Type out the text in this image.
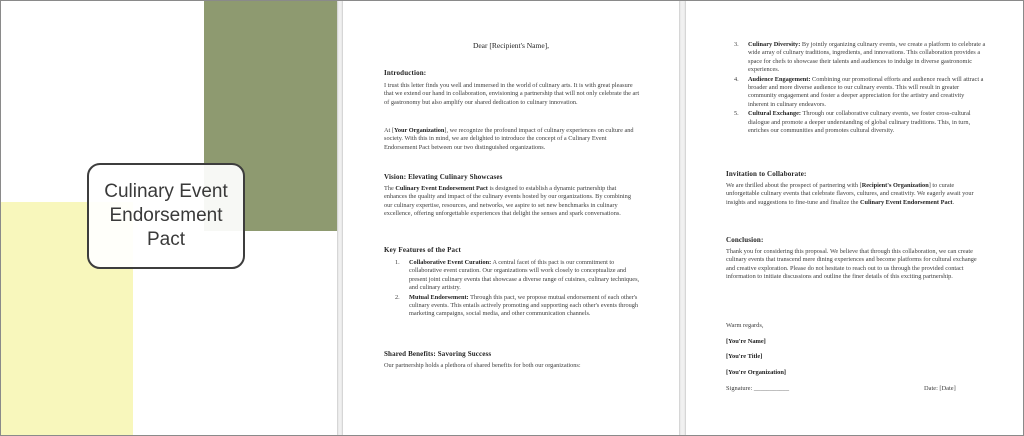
Culinary Event
Endorsement
Pact
Dear [Recipient's Name],
Introduction:

I trust this letter finds you well and immersed in the world of culinary arts. It is with great pleasure that we extend our hand in collaboration, envisioning a partnership that will not only celebrate the art of gastronomy but also amplify our shared dedication to culinary innovation.

At [Your Organization], we recognize the profound impact of culinary experiences on culture and society. With this in mind, we are delighted to introduce the concept of a Culinary Event Endorsement Pact between our two distinguished organizations.

Vision: Elevating Culinary Showcases

The Culinary Event Endorsement Pact is designed to establish a dynamic partnership that enhances the quality and impact of the culinary events hosted by our organizations. By combining our culinary expertise, resources, and networks, we aspire to set new benchmarks in culinary excellence, offering unforgettable experiences that delight the senses and spark conversations.

Key Features of the Pact
1. Collaborative Event Curation: A central facet of this pact is our commitment to collaborative event curation. Our organizations will work closely to conceptualize and present joint culinary events that showcase a diverse range of cuisines, culinary techniques, and culinary artistry.
2. Mutual Endorsement: Through this pact, we propose mutual endorsement of each other's culinary events. This entails actively promoting and supporting each other's events through marketing campaigns, social media, and other communication channels.
Shared Benefits: Savoring Success

Our partnership holds a plethora of shared benefits for both our organizations:

3. Culinary Diversity: By jointly organizing culinary events, we create a platform to celebrate a wide array of culinary traditions, ingredients, and innovations. This collaboration provides a space for chefs to showcase their talents and audiences to indulge in diverse gastronomic experiences.
4. Audience Engagement: Combining our promotional efforts and audience reach will attract a broader and more diverse audience to our culinary events. This will result in greater community engagement and foster a deeper appreciation for the artistry and creativity inherent in culinary endeavors.
5. Cultural Exchange: Through our collaborative culinary events, we foster cross-cultural dialogue and promote a deeper understanding of global culinary traditions. This, in turn, enriches our communities and promotes cultural diversity.
Invitation to Collaborate:

We are thrilled about the prospect of partnering with [Recipient's Organization] to curate unforgettable culinary events that celebrate flavors, cultures, and creativity. We eagerly await your insights and suggestions to fine-tune and finalize the Culinary Event Endorsement Pact.

Conclusion:

Thank you for considering this proposal. We believe that through this collaboration, we can create culinary events that transcend mere dining experiences and become platforms for cultural exchange and creative exploration. Please do not hesitate to reach out to us through the provided contact information to initiate discussions and outline the finer details of this exciting partnership.

Warm regards,
[You're Name]
[You're Title]
[You're Organization]
Signature: ___________	Date: [Date]
